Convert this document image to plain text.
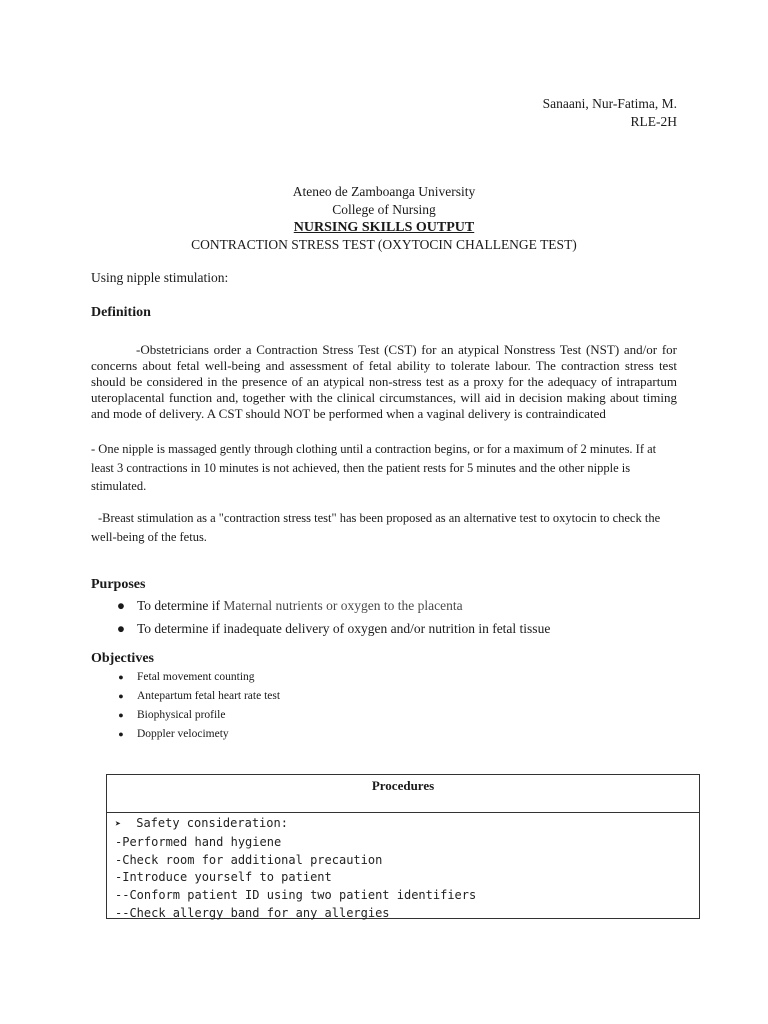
Sanaani, Nur-Fatima, M.
RLE-2H
Ateneo de Zamboanga University
College of Nursing
NURSING SKILLS OUTPUT
CONTRACTION STRESS TEST (OXYTOCIN CHALLENGE TEST)
Using nipple stimulation:
Definition
-Obstetricians order a Contraction Stress Test (CST) for an atypical Nonstress Test (NST) and/or for concerns about fetal well-being and assessment of fetal ability to tolerate labour. The contraction stress test should be considered in the presence of an atypical non-stress test as a proxy for the adequacy of intrapartum uteroplacental function and, together with the clinical circumstances, will aid in decision making about timing and mode of delivery. A CST should NOT be performed when a vaginal delivery is contraindicated
- One nipple is massaged gently through clothing until a contraction begins, or for a maximum of 2 minutes. If at least 3 contractions in 10 minutes is not achieved, then the patient rests for 5 minutes and the other nipple is stimulated.
-Breast stimulation as a "contraction stress test" has been proposed as an alternative test to oxytocin to check the well-being of the fetus.
Purposes
● To determine if Maternal nutrients or oxygen to the placenta
● To determine if inadequate delivery of oxygen and/or nutrition in fetal tissue
Objectives
●	Fetal movement counting
●	Antepartum fetal heart rate test
●	Biophysical profile
●	Doppler velocimety
Procedures
➤ Safety consideration:
-Performed hand hygiene
-Check room for additional precaution
-Introduce yourself to patient
--Conform patient ID using two patient identifiers
--Check allergy band for any allergies
